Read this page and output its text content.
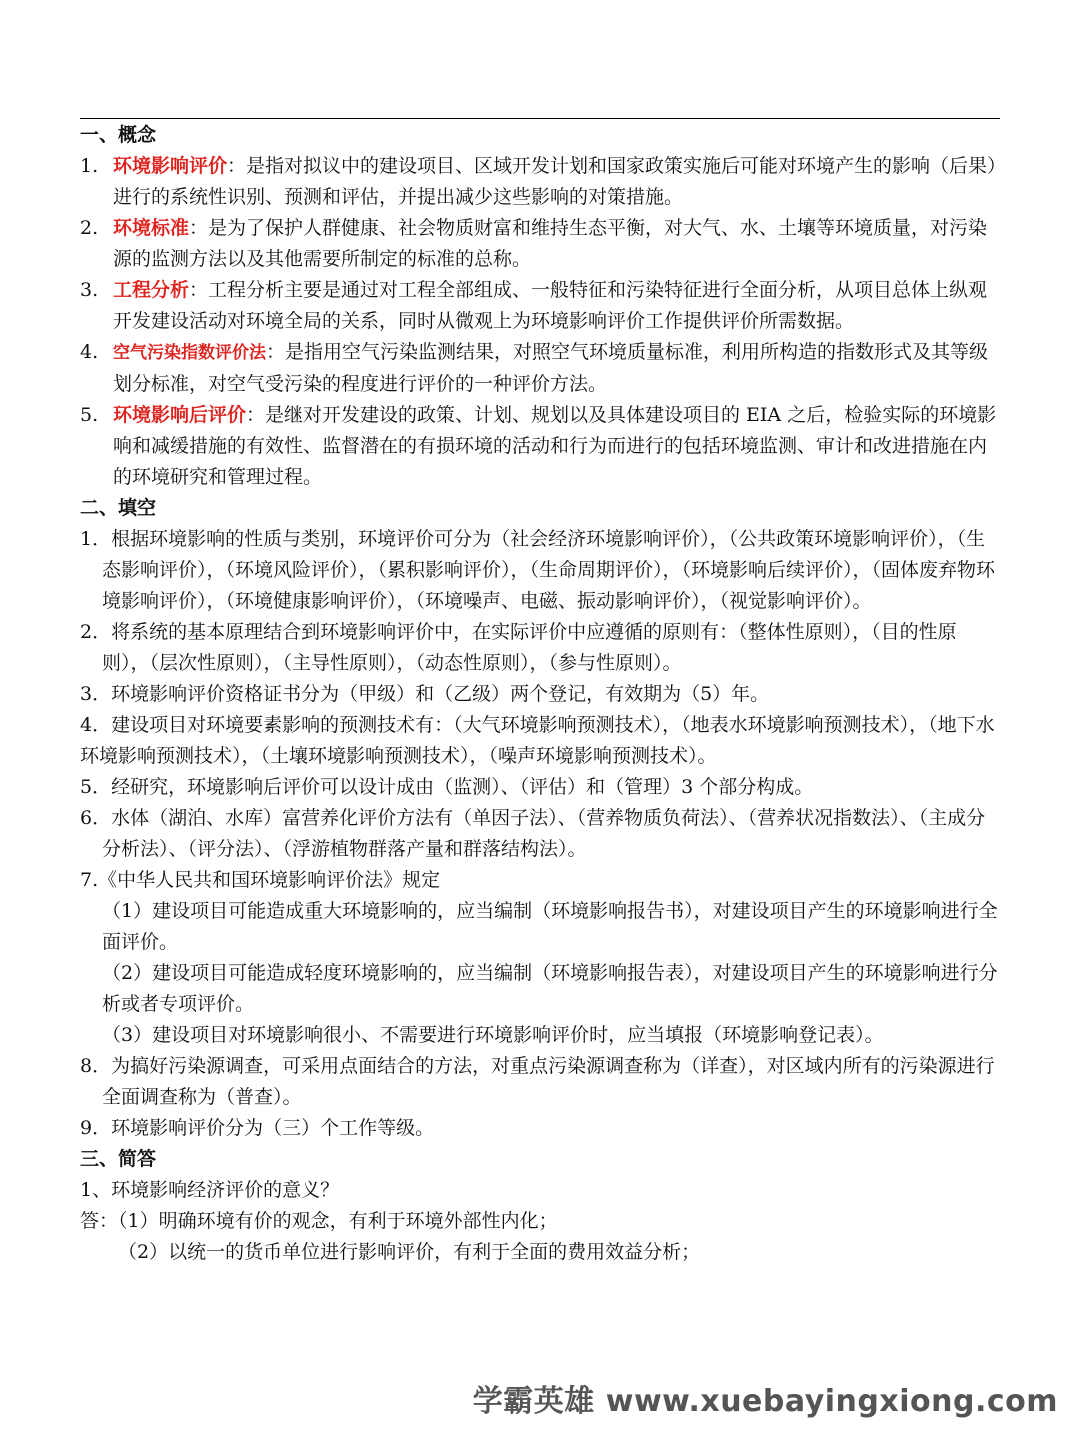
一、概念

1. 环境影响评价：是指对拟议中的建设项目、区域开发计划和国家政策实施后可能对环境产生的影响（后果）进行的系统性识别、预测和评估，并提出减少这些影响的对策措施。

2. 环境标准：是为了保护人群健康、社会物质财富和维持生态平衡，对大气、水、土壤等环境质量，对污染源的监测方法以及其他需要所制定的标准的总称。

3. 工程分析：工程分析主要是通过对工程全部组成、一般特征和污染特征进行全面分析，从项目总体上纵观开发建设活动对环境全局的关系，同时从微观上为环境影响评价工作提供评价所需数据。

4. 空气污染指数评价法：是指用空气污染监测结果，对照空气环境质量标准，利用所构造的指数形式及其等级划分标准，对空气受污染的程度进行评价的一种评价方法。

5. 环境影响后评价：是继对开发建设的政策、计划、规划以及具体建设项目的 EIA 之后，检验实际的环境影响和减缓措施的有效性、监督潜在的有损环境的活动和行为而进行的包括环境监测、审计和改进措施在内的环境研究和管理过程。

二、填空

1．根据环境影响的性质与类别，环境评价可分为（社会经济环境影响评价），（公共政策环境影响评价），（生态影响评价），（环境风险评价），（累积影响评价），（生命周期评价），（环境影响后续评价），（固体废弃物环境影响评价），（环境健康影响评价），（环境噪声、电磁、振动影响评价），（视觉影响评价）。

2．将系统的基本原理结合到环境影响评价中，在实际评价中应遵循的原则有：（整体性原则），（目的性原则），（层次性原则），（主导性原则），（动态性原则），（参与性原则）。

3．环境影响评价资格证书分为（甲级）和（乙级）两个登记，有效期为（5）年。

4．建设项目对环境要素影响的预测技术有：（大气环境影响预测技术），（地表水环境影响预测技术），（地下水环境影响预测技术），（土壤环境影响预测技术），（噪声环境影响预测技术）。

5．经研究，环境影响后评价可以设计成由（监测）、（评估）和（管理）3 个部分构成。

6．水体（湖泊、水库）富营养化评价方法有（单因子法）、（营养物质负荷法）、（营养状况指数法）、（主成分分析法）、（评分法）、（浮游植物群落产量和群落结构法）。

7.《中华人民共和国环境影响评价法》规定

（1）建设项目可能造成重大环境影响的，应当编制（环境影响报告书），对建设项目产生的环境影响进行全面评价。

（2）建设项目可能造成轻度环境影响的，应当编制（环境影响报告表），对建设项目产生的环境影响进行分析或者专项评价。

（3）建设项目对环境影响很小、不需要进行环境影响评价时，应当填报（环境影响登记表）。

8．为搞好污染源调查，可采用点面结合的方法，对重点污染源调查称为（详查），对区域内所有的污染源进行全面调查称为（普查）。

9．环境影响评价分为（三）个工作等级。

三、简答

1、环境影响经济评价的意义？

答：（1）明确环境有价的观念，有利于环境外部性内化；

（2）以统一的货币单位进行影响评价，有利于全面的费用效益分析；

学霸英雄 www.xuebayingxiong.com
